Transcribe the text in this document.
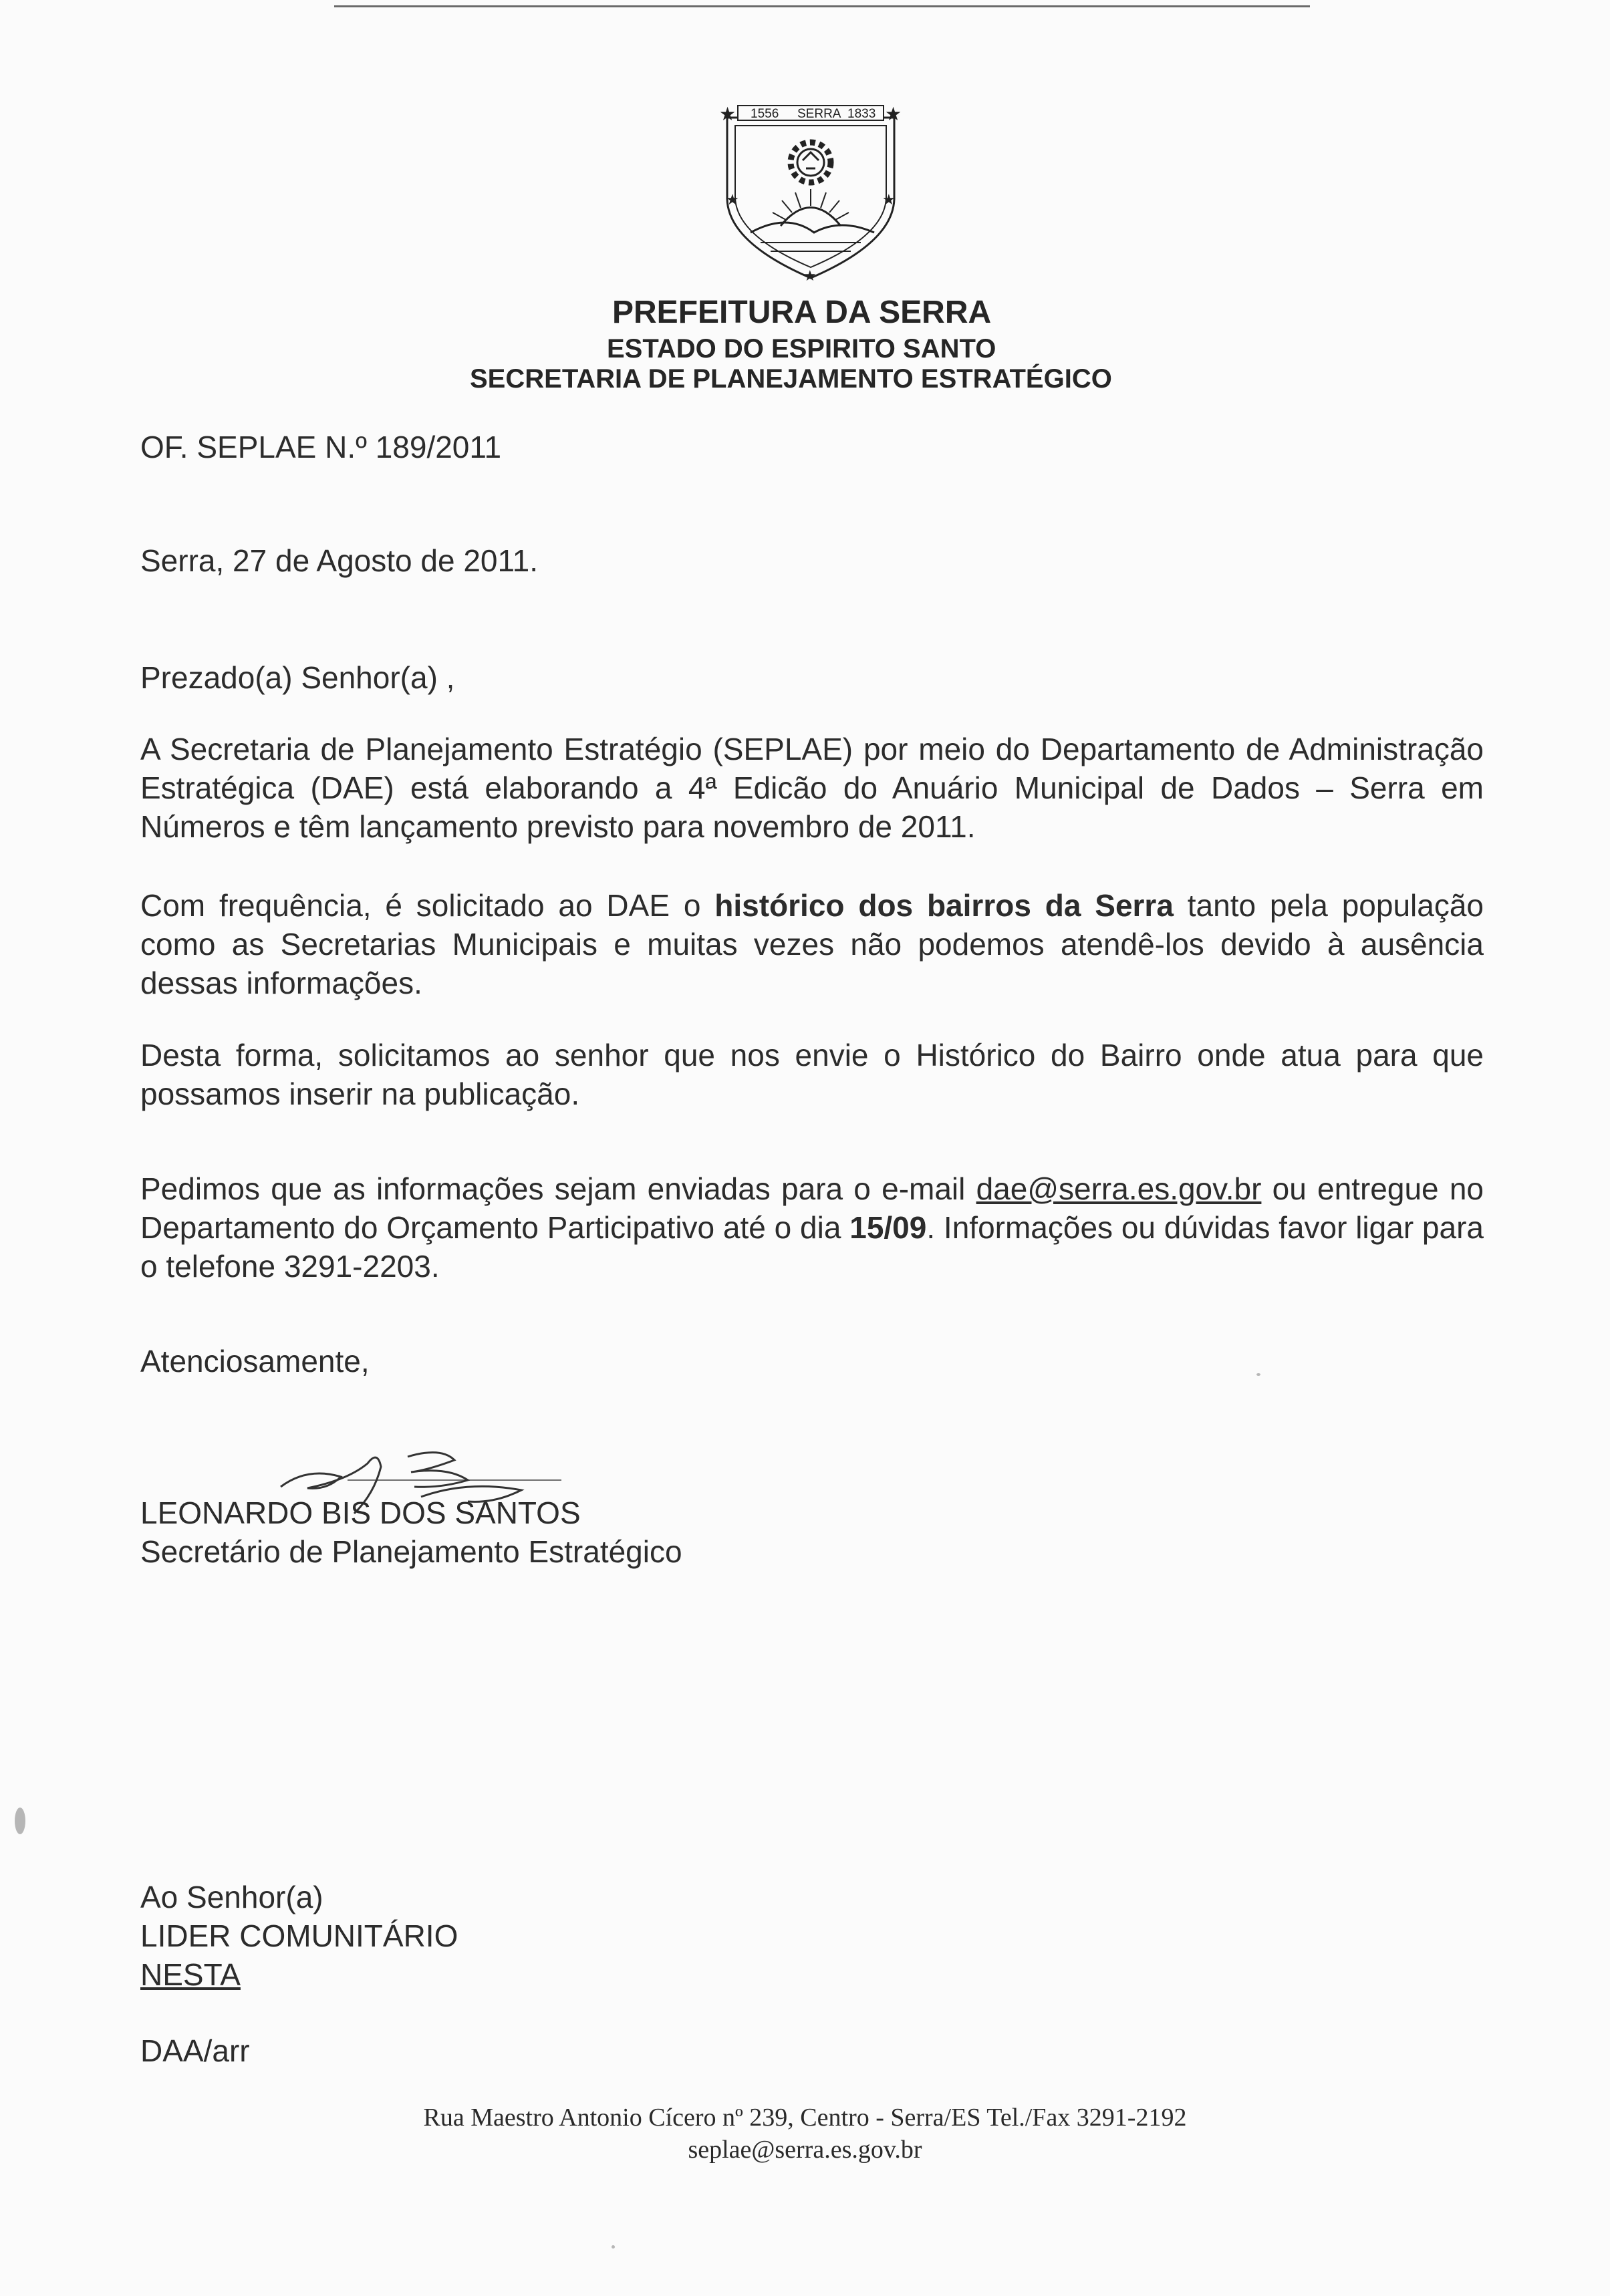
1556 SERRA 1833
★	★
★	★
★
PREFEITURA DA SERRA
ESTADO DO ESPIRITO SANTO
SECRETARIA DE PLANEJAMENTO ESTRATÉGICO
OF. SEPLAE N.º 189/2011
Serra, 27 de Agosto de 2011.
Prezado(a) Senhor(a) ,

A Secretaria de Planejamento Estratégio (SEPLAE) por meio do Departamento de Administração Estratégica (DAE) está elaborando a 4ª Edicão do Anuário Municipal de Dados – Serra em Números e têm lançamento previsto para novembro de 2011.

Com frequência, é solicitado ao DAE o histórico dos bairros da Serra tanto pela população como as Secretarias Municipais e muitas vezes não podemos atendê-los devido à ausência dessas informações.

Desta forma, solicitamos ao senhor que nos envie o Histórico do Bairro onde atua para que possamos inserir na publicação.

Pedimos que as informações sejam enviadas para o e-mail dae@serra.es.gov.br ou entregue no Departamento do Orçamento Participativo até o dia 15/09. Informações ou dúvidas favor ligar para o telefone 3291-2203.

Atenciosamente,
LEONARDO BIS DOS SANTOS
Secretário de Planejamento Estratégico
Ao Senhor(a)
LIDER COMUNITÁRIO
NESTA
DAA/arr
Rua Maestro Antonio Cícero nº 239, Centro - Serra/ES Tel./Fax 3291-2192
seplae@serra.es.gov.br
